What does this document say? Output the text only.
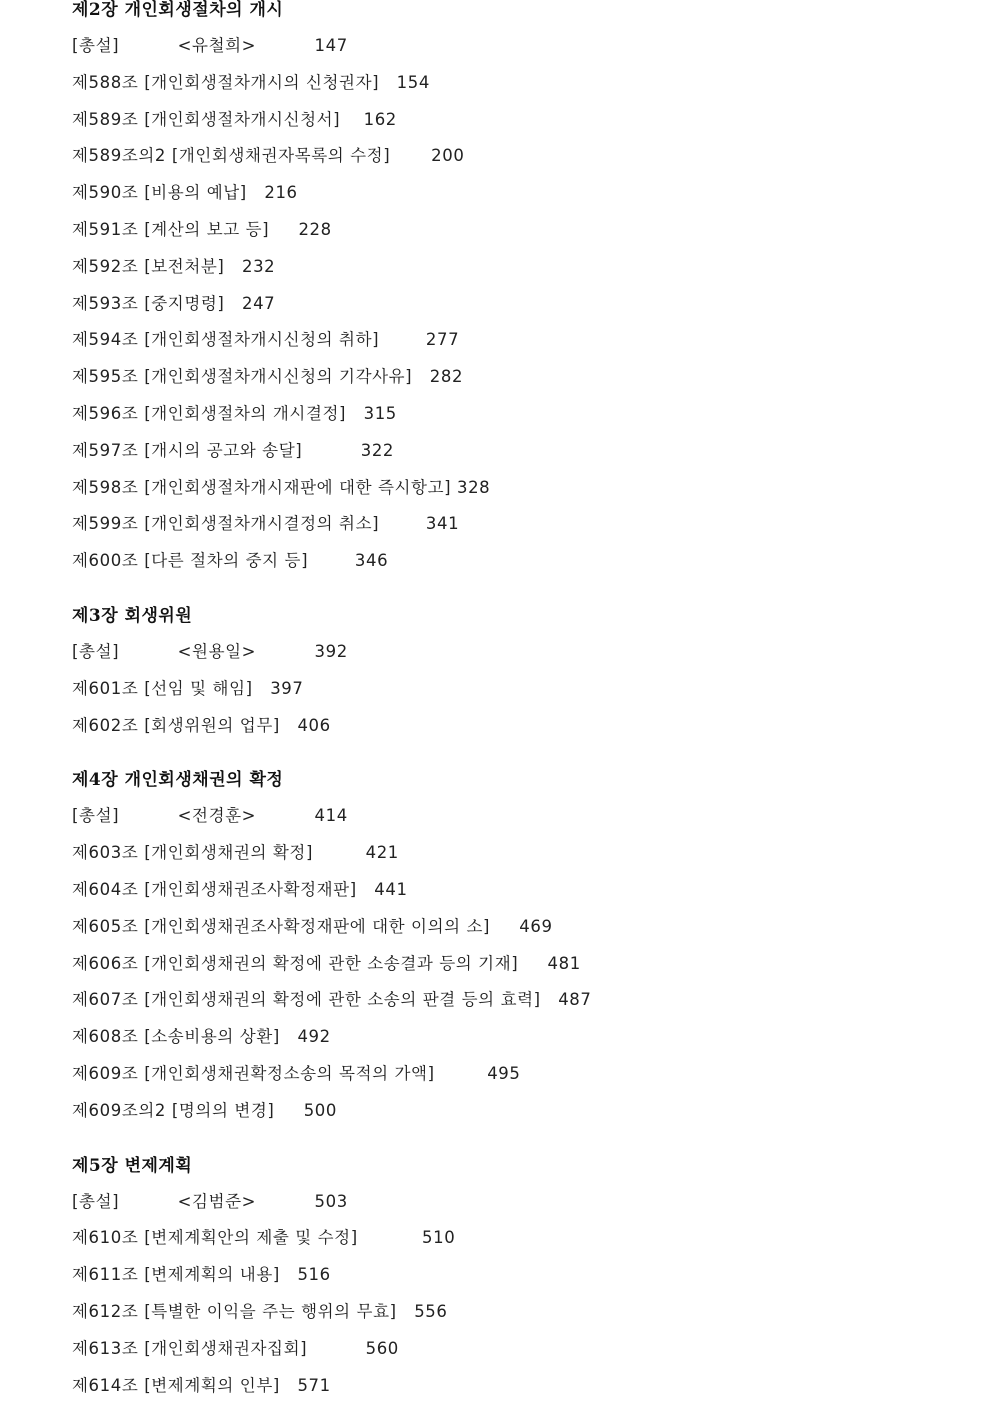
제2장 개인회생절차의 개시
[총설]          <유철희>          147
제588조 [개인회생절차개시의 신청권자]   154
제589조 [개인회생절차개시신청서]    162
제589조의2 [개인회생채권자목록의 수정]       200
제590조 [비용의 예납]   216
제591조 [계산의 보고 등]     228
제592조 [보전처분]   232
제593조 [중지명령]   247
제594조 [개인회생절차개시신청의 취하]        277
제595조 [개인회생절차개시신청의 기각사유]   282
제596조 [개인회생절차의 개시결정]   315
제597조 [개시의 공고와 송달]          322
제598조 [개인회생절차개시재판에 대한 즉시항고] 328
제599조 [개인회생절차개시결정의 취소]        341
제600조 [다른 절차의 중지 등]        346
제3장 회생위원
[총설]          <원용일>          392
제601조 [선임 및 해임]   397
제602조 [회생위원의 업무]   406
제4장 개인회생채권의 확정
[총설]          <전경훈>          414
제603조 [개인회생채권의 확정]         421
제604조 [개인회생채권조사확정재판]   441
제605조 [개인회생채권조사확정재판에 대한 이의의 소]     469
제606조 [개인회생채권의 확정에 관한 소송결과 등의 기재]     481
제607조 [개인회생채권의 확정에 관한 소송의 판결 등의 효력]   487
제608조 [소송비용의 상환]   492
제609조 [개인회생채권확정소송의 목적의 가액]         495
제609조의2 [명의의 변경]     500
제5장 변제계획
[총설]          <김범준>          503
제610조 [변제계획안의 제출 및 수정]           510
제611조 [변제계획의 내용]   516
제612조 [특별한 이익을 주는 행위의 무효]   556
제613조 [개인회생채권자집회]          560
제614조 [변제계획의 인부]   571
